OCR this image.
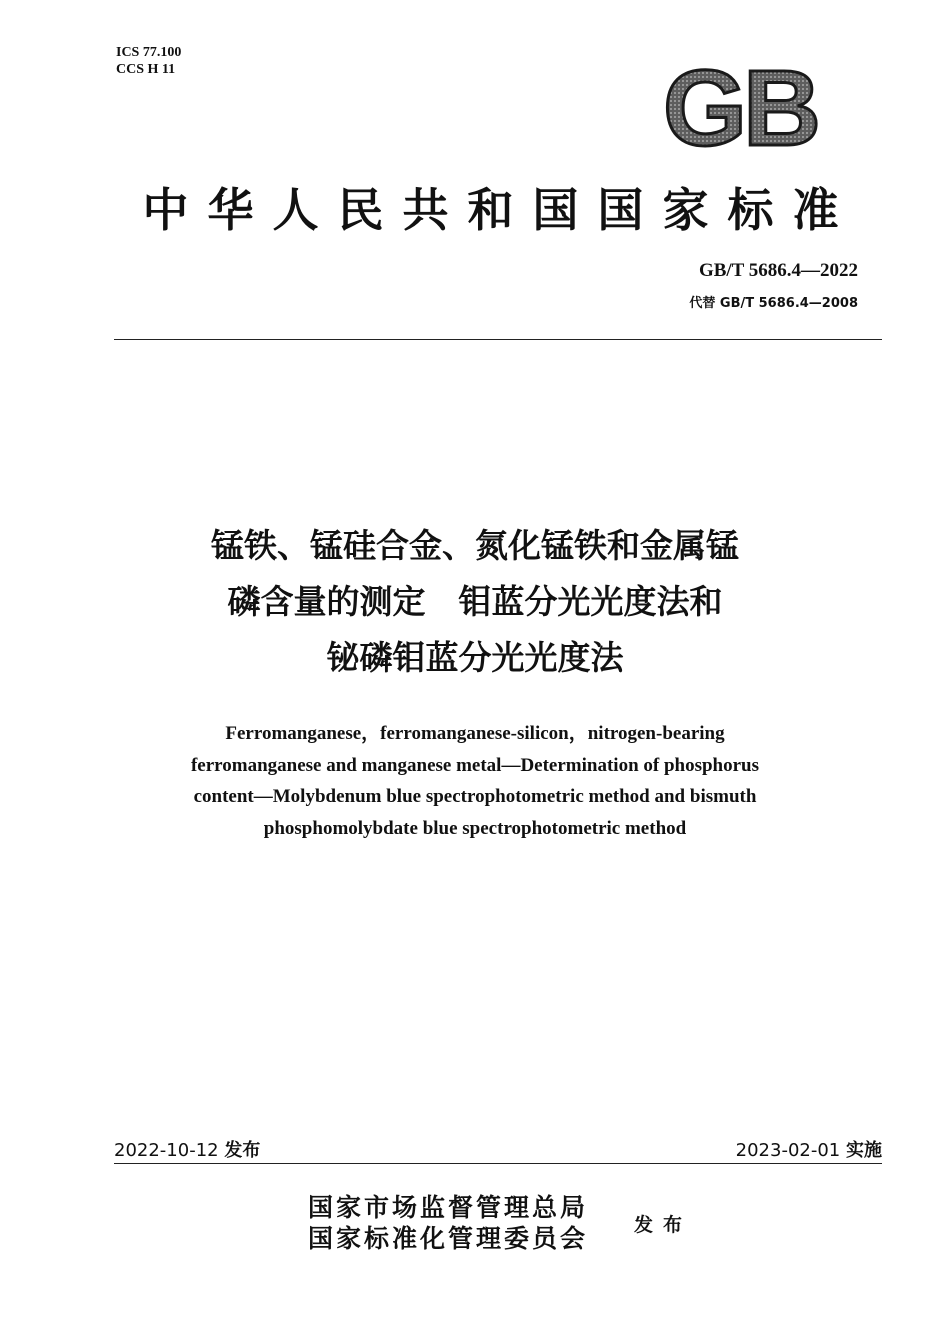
ICS 77.100
CCS H 11	GB
中华人民共和国国家标准
GB/T 5686.4—2022
代替 GB/T 5686.4—2008
锰铁、锰硅合金、氮化锰铁和金属锰
磷含量的测定　钼蓝分光光度法和
铋磷钼蓝分光光度法
Ferromanganese，ferromanganese-silicon，nitrogen-bearing
ferromanganese and manganese metal—Determination of phosphorus
content—Molybdenum blue spectrophotometric method and bismuth
phosphomolybdate blue spectrophotometric method
2022-10-12 发布	2023-02-01 实施
国家市场监督管理总局
国家标准化管理委员会 发布
